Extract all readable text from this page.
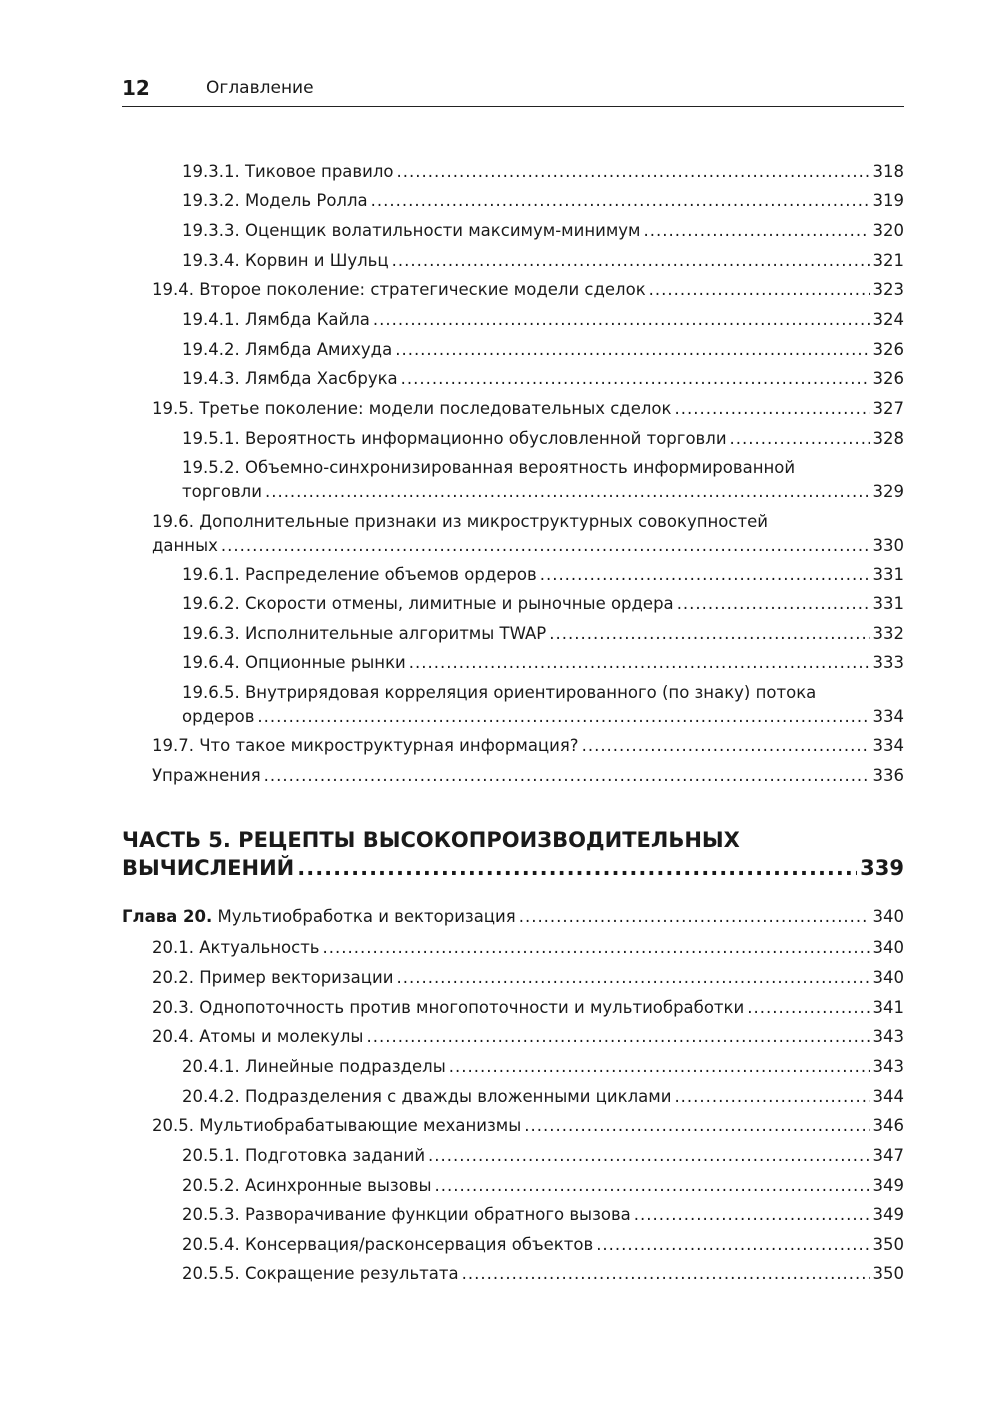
12	Оглавление
19.3.1. Тиковое правило .....	318
19.3.2. Модель Ролла .....	319
19.3.3. Оценщик волатильности максимум-минимум .....	320
19.3.4. Корвин и Шульц .....	321
19.4. Второе поколение: стратегические модели сделок .....	323
19.4.1. Лямбда Кайла .....	324
19.4.2. Лямбда Амихуда .....	326
19.4.3. Лямбда Хасбрука .....	326
19.5. Третье поколение: модели последовательных сделок .....	327
19.5.1. Вероятность информационно обусловленной торговли .....	328
19.5.2. Объемно-синхронизированная вероятность информированной
торговли .....	329
19.6. Дополнительные признаки из микроструктурных совокупностей
данных .....	330
19.6.1. Распределение объемов ордеров .....	331
19.6.2. Скорости отмены, лимитные и рыночные ордера .....	331
19.6.3. Исполнительные алгоритмы TWAP .....	332
19.6.4. Опционные рынки .....	333
19.6.5. Внутрирядовая корреляция ориентированного (по знаку) потока
ордеров .....	334
19.7. Что такое микроструктурная информация? .....	334
Упражнения .....	336
ЧАСТЬ 5. РЕЦЕПТЫ ВЫСОКОПРОИЗВОДИТЕЛЬНЫХ
ВЫЧИСЛЕНИЙ .....	339
Глава 20. Мультиобработка и векторизация .....	340
20.1. Актуальность .....	340
20.2. Пример векторизации .....	340
20.3. Однопоточность против многопоточности и мультиобработки .....	341
20.4. Атомы и молекулы .....	343
20.4.1. Линейные подразделы .....	343
20.4.2. Подразделения с дважды вложенными циклами .....	344
20.5. Мультиобрабатывающие механизмы .....	346
20.5.1. Подготовка заданий .....	347
20.5.2. Асинхронные вызовы .....	349
20.5.3. Разворачивание функции обратного вызова .....	349
20.5.4. Консервация/расконсервация объектов .....	350
20.5.5. Сокращение результата .....	350
